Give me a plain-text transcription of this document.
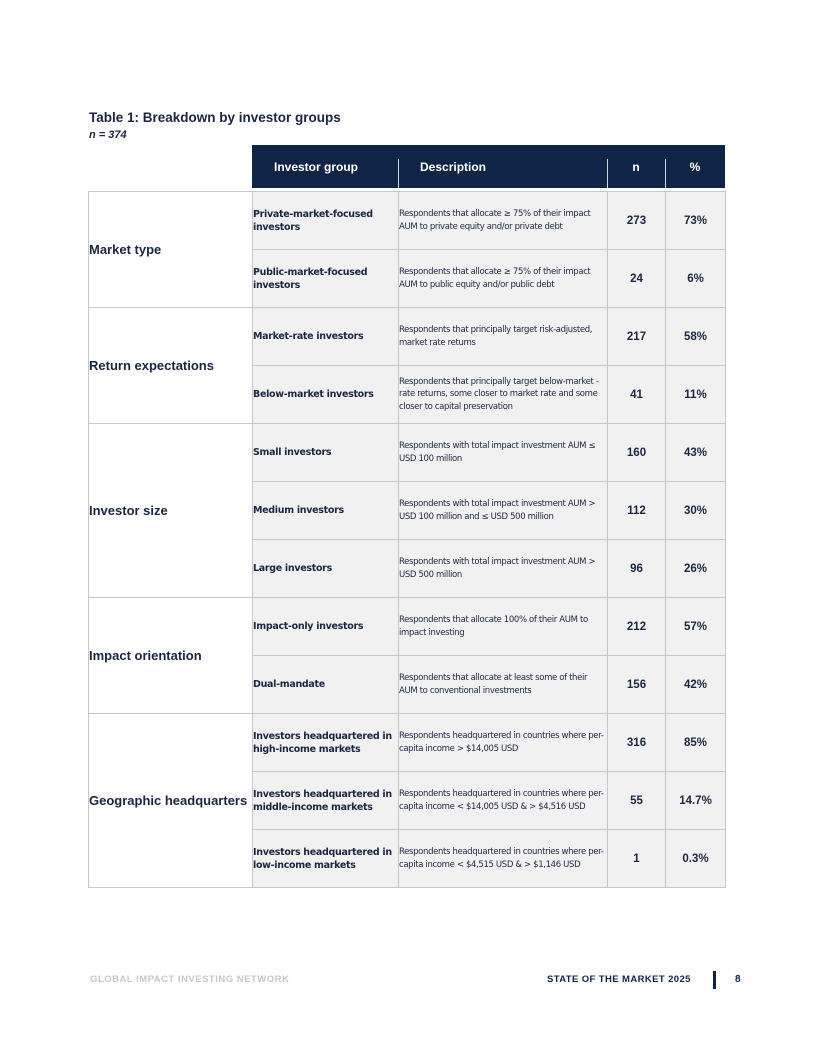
Table 1: Breakdown by investor groups
n = 374
Investor group	Description	n	%
Market type	Private-market-focused investors	Respondents that allocate ≥ 75% of their impact AUM to private equity and/or private debt	273	73%
	Public-market-focused investors	Respondents that allocate ≥ 75% of their impact AUM to public equity and/or public debt	24	6%
Return expectations	Market-rate investors	Respondents that principally target risk-adjusted, market rate returns	217	58%
	Below-market investors	Respondents that principally target below-market -rate returns, some closer to market rate and some closer to capital preservation	41	11%
Investor size	Small investors	Respondents with total impact investment AUM ≤ USD 100 million	160	43%
	Medium investors	Respondents with total impact investment AUM > USD 100 million and ≤ USD 500 million	112	30%
	Large investors	Respondents with total impact investment AUM > USD 500 million	96	26%
Impact orientation	Impact-only investors	Respondents that allocate 100% of their AUM to impact investing	212	57%
	Dual-mandate	Respondents that allocate at least some of their AUM to conventional investments	156	42%
Geographic headquarters	Investors headquartered in high-income markets	Respondents headquartered in countries where per-capita income > $14,005 USD	316	85%
	Investors headquartered in middle-income markets	Respondents headquartered in countries where per-capita income < $14,005 USD & > $4,516 USD	55	14.7%
	Investors headquartered in low-income markets	Respondents headquartered in countries where per-capita income < $4,515 USD & > $1,146 USD	1	0.3%
GLOBAL IMPACT INVESTING NETWORK	STATE OF THE MARKET 2025	8
